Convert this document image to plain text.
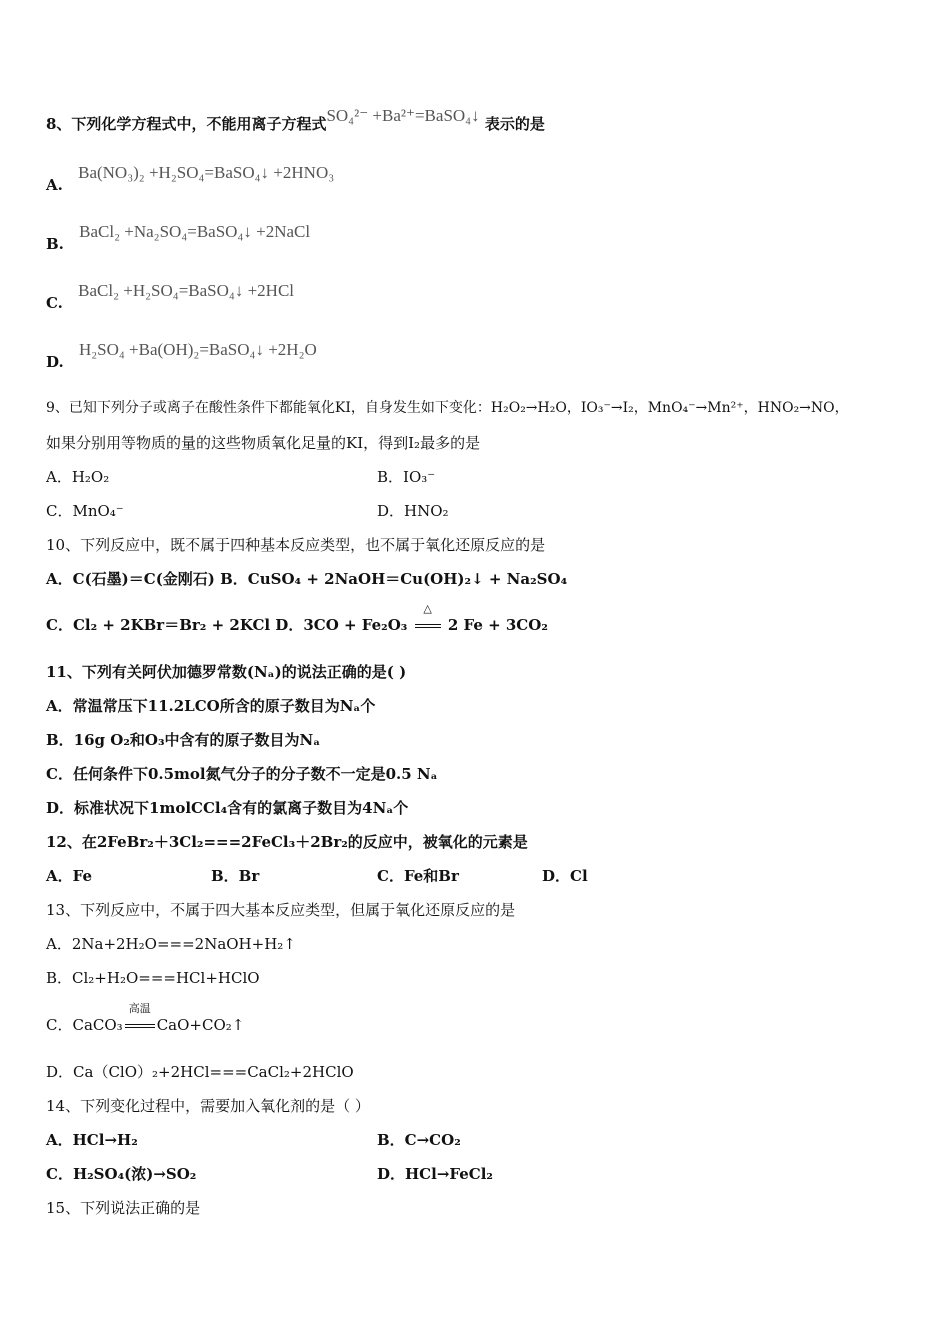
8、下列化学方程式中，不能用离子方程式SO₄²⁻ +Ba²⁺=BaSO₄↓ 表示的是
A. Ba(NO₃)₂ +H₂SO₄=BaSO₄↓ +2HNO₃
B. BaCl₂ +Na₂SO₄=BaSO₄↓ +2NaCl
C. BaCl₂ +H₂SO₄=BaSO₄↓ +2HCl
D. H₂SO₄ +Ba(OH)₂=BaSO₄↓ +2H₂O
9、已知下列分子或离子在酸性条件下都能氧化KI，自身发生如下变化：H₂O₂→H₂O，IO₃⁻→I₂，MnO₄⁻→Mn²⁺，HNO₂→NO，
如果分别用等物质的量的这些物质氧化足量的KI，得到I₂最多的是
A．H₂O₂	B．IO₃⁻
C．MnO₄⁻	D．HNO₂
10、下列反应中，既不属于四种基本反应类型，也不属于氧化还原反应的是
A．C(石墨)＝C(金刚石) B．CuSO₄ + 2NaOH＝Cu(OH)₂↓ + Na₂SO₄
C．Cl₂ + 2KBr＝Br₂ + 2KCl D．3CO + Fe₂O₃
△
2 Fe + 3CO₂
11、下列有关阿伏加德罗常数(Nₐ)的说法正确的是( )
A．常温常压下11.2LCO所含的原子数目为Nₐ个
B．16g O₂和O₃中含有的原子数目为Nₐ
C．任何条件下0.5mol氮气分子的分子数不一定是0.5 Nₐ
D．标准状况下1molCCl₄含有的氯离子数目为4Nₐ个
12、在2FeBr₂＋3Cl₂===2FeCl₃＋2Br₂的反应中，被氧化的元素是
A．Fe	B．Br	C．Fe和Br	D．Cl
13、下列反应中，不属于四大基本反应类型，但属于氧化还原反应的是
A．2Na+2H₂O===2NaOH+H₂↑
B．Cl₂+H₂O===HCl+HClO
C．CaCO₃
高温
CaO+CO₂↑
D．Ca（ClO）₂+2HCl===CaCl₂+2HClO
14、下列变化过程中，需要加入氧化剂的是（ ）
A．HCl→H₂	B．C→CO₂
C．H₂SO₄(浓)→SO₂	D．HCl→FeCl₂
15、下列说法正确的是
